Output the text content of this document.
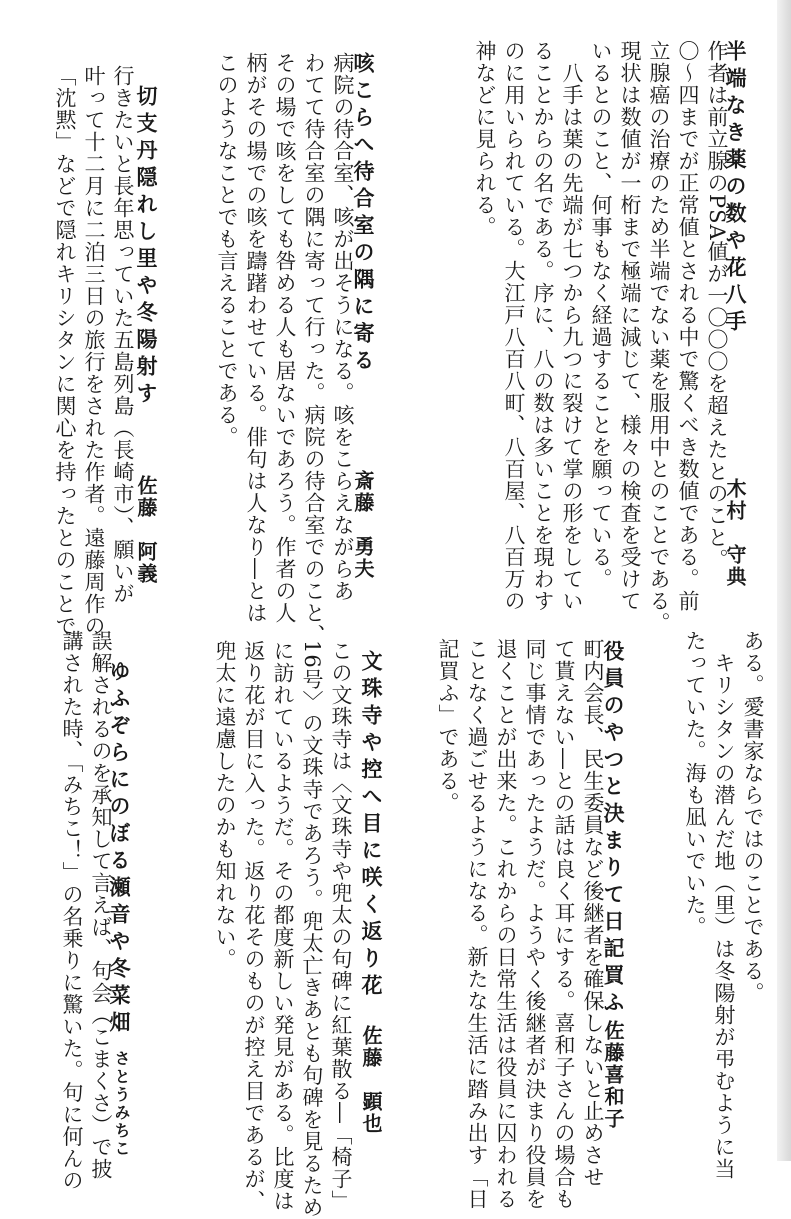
半端なき薬の数や花八手
木村　守典
作者は前立腺のPSA値が一〇〇〇を超えたとのこと。
〇～四までが正常値とされる中で驚くべき数値である。前
立腺癌の治療のため半端でない薬を服用中とのことである。
現状は数値が一桁まで極端に減じて、様々の検査を受けて
いるとのこと、何事もなく経過することを願っている。
　八手は葉の先端が七つから九つに裂けて掌の形をしてい
ることからの名である。序に、八の数は多いことを現わす
のに用いられている。大江戸八百八町、八百屋、八百万の
神などに見られる。
咳こらへ待合室の隅に寄る
斎藤　勇夫
病院の待合室、咳が出そうになる。咳をこらえながらあ
わてて待合室の隅に寄って行った。病院の待合室でのこと、
その場で咳をしても咎める人も居ないであろう。作者の人
柄がその場での咳を躊躇わせている。俳句は人なり―とは
このようなことでも言えることである。
切支丹隠れし里や冬陽射す
佐藤　阿義
行きたいと長年思っていた五島列島（長崎市）、願いが
叶って十二月に二泊三日の旅行をされた作者。遠藤周作の
「沈黙」などで隠れキリシタンに関心を持ったとのことで
ある。愛書家ならではのことである。
　キリシタンの潜んだ地（里）は冬陽射が弔むように当
たっていた。海も凪いでいた。
役員のやつと決まりて日記買ふ
佐藤喜和子
町内会長、民生委員など後継者を確保しないと止めさせ
て貰えない―との話は良く耳にする。喜和子さんの場合も
同じ事情であったようだ。ようやく後継者が決まり役員を
退くことが出来た。これからの日常生活は役員に囚われる
ことなく過ごせるようになる。新たな生活に踏み出す「日
記買ふ」である。
文珠寺や控へ目に咲く返り花
佐藤　顕也
この文珠寺は〈文珠寺や兜太の句碑に紅葉散る―「椅子」
16号〉の文珠寺であろう。兜太亡きあとも句碑を見るため
に訪れているようだ。その都度新しい発見がある。比度は
返り花が目に入った。返り花そのものが控え目であるが、
兜太に遠慮したのかも知れない。
ゆふぞらにのぼる瀬音や冬菜畑
さとうみちこ
誤解されるのを承知して言えば、句会（こまくさ）で披
講された時、「みちこ！」の名乗りに驚いた。句に何んの
